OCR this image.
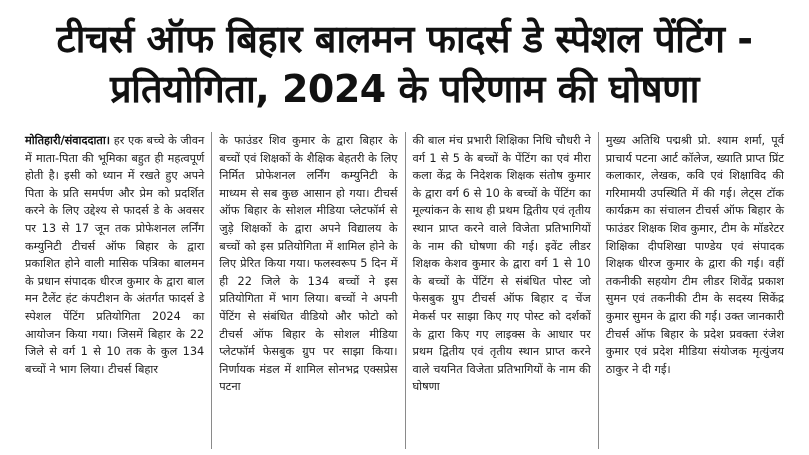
टीचर्स ऑफ बिहार बालमन फादर्स डे स्पेशल पेंटिंग -
प्रतियोगिता, 2024 के परिणाम की घोषणा
मोतिहारी/संवाददाता। हर एक बच्चे के जीवन में माता-पिता की भूमिका बहुत ही महत्वपूर्ण होती है। इसी को ध्यान में रखते हुए अपने पिता के प्रति समर्पण और प्रेम को प्रदर्शित करने के लिए उद्देश्य से फादर्स डे के अवसर पर 13 से 17 जून तक प्रोफेशनल लर्निंग कम्युनिटी टीचर्स ऑफ बिहार के द्वारा प्रकाशित होने वाली मासिक पत्रिका बालमन के प्रधान संपादक धीरज कुमार के द्वारा बाल मन टैलेंट हंट कंपटीशन के अंतर्गत फादर्स डे स्पेशल पेंटिंग प्रतियोगिता 2024 का आयोजन किया गया। जिसमें बिहार के 22 जिले से वर्ग 1 से 10 तक के कुल 134 बच्चों ने भाग लिया। टीचर्स बिहार
के फाउंडर शिव कुमार के द्वारा बिहार के बच्चों एवं शिक्षकों के शैक्षिक बेहतरी के लिए निर्मित प्रोफेशनल लर्निंग कम्युनिटी के माध्यम से सब कुछ आसान हो गया। टीचर्स ऑफ बिहार के सोशल मीडिया प्लेटफॉर्म से जुड़े शिक्षकों के द्वारा अपने विद्यालय के बच्चों को इस प्रतियोगिता में शामिल होने के लिए प्रेरित किया गया। फलस्वरूप 5 दिन में ही 22 जिले के 134 बच्चों ने इस प्रतियोगिता में भाग लिया। बच्चों ने अपनी पेंटिंग से संबंधित वीडियो और फोटो को टीचर्स ऑफ बिहार के सोशल मीडिया प्लेटफॉर्म फेसबुक ग्रुप पर साझा किया। निर्णायक मंडल में शामिल सोनभद्र एक्सप्रेस पटना
की बाल मंच प्रभारी शिक्षिका निधि चौधरी ने वर्ग 1 से 5 के बच्चों के पेंटिंग का एवं मीरा कला केंद्र के निदेशक शिक्षक संतोष कुमार के द्वारा वर्ग 6 से 10 के बच्चों के पेंटिंग का मूल्यांकन के साथ ही प्रथम द्वितीय एवं तृतीय स्थान प्राप्त करने वाले विजेता प्रतिभागियों के नाम की घोषणा की गई। इवेंट लीडर शिक्षक केशव कुमार के द्वारा वर्ग 1 से 10 के बच्चों के पेंटिंग से संबंधित पोस्ट जो फेसबुक ग्रुप टीचर्स ऑफ बिहार द चेंज मेकर्स पर साझा किए गए पोस्ट को दर्शकों के द्वारा किए गए लाइक्स के आधार पर प्रथम द्वितीय एवं तृतीय स्थान प्राप्त करने वाले चयनित विजेता प्रतिभागियों के नाम की घोषणा
मुख्य अतिथि पद्मश्री प्रो. श्याम शर्मा, पूर्व प्राचार्य पटना आर्ट कॉलेज, ख्याति प्राप्त प्रिंट कलाकार, लेखक, कवि एवं शिक्षाविद की गरिमामयी उपस्थिति में की गई। लेट्स टॉक कार्यक्रम का संचालन टीचर्स ऑफ बिहार के फाउंडर शिक्षक शिव कुमार, टीम के मॉडरेटर शिक्षिका दीपशिखा पाण्डेय एवं संपादक शिक्षक धीरज कुमार के द्वारा की गई। वहीं तकनीकी सहयोग टीम लीडर शिवेंद्र प्रकाश सुमन एवं तकनीकी टीम के सदस्य सिकेंद्र कुमार सुमन के द्वारा की गई। उक्त जानकारी टीचर्स ऑफ बिहार के प्रदेश प्रवक्ता रंजेश कुमार एवं प्रदेश मीडिया संयोजक मृत्युंजय ठाकुर ने दी गई।
